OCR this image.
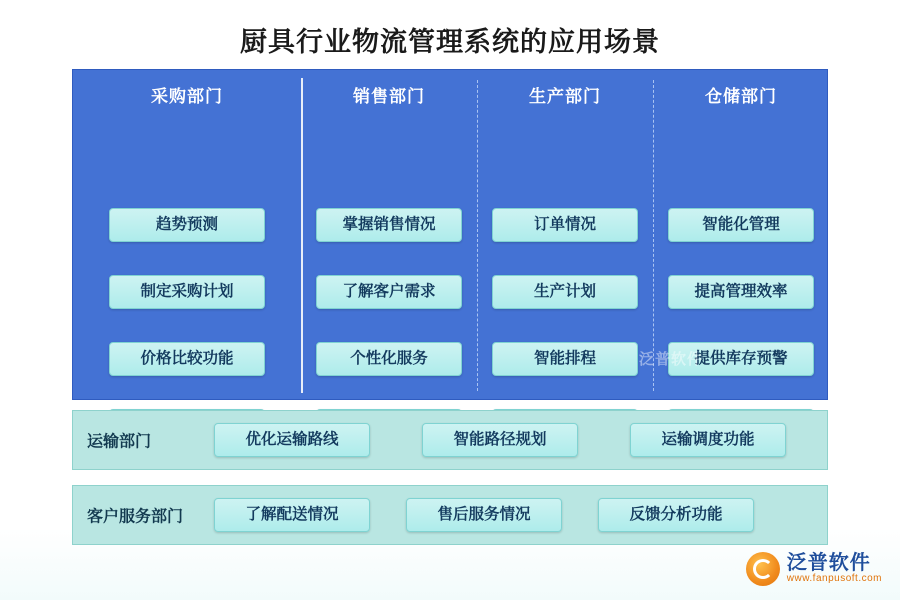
厨具行业物流管理系统的应用场景
采购部门
趋势预测
制定采购计划
价格比较功能
销售部门
掌握销售情况
了解客户需求
个性化服务
生产部门
订单情况
生产计划
智能排程
仓储部门
智能化管理
提高管理效率
提供库存预警
泛普软件
运输部门	优化运输路线	智能路径规划	运输调度功能
客户服务部门	了解配送情况	售后服务情况	反馈分析功能
泛普软件
www.fanpusoft.com
